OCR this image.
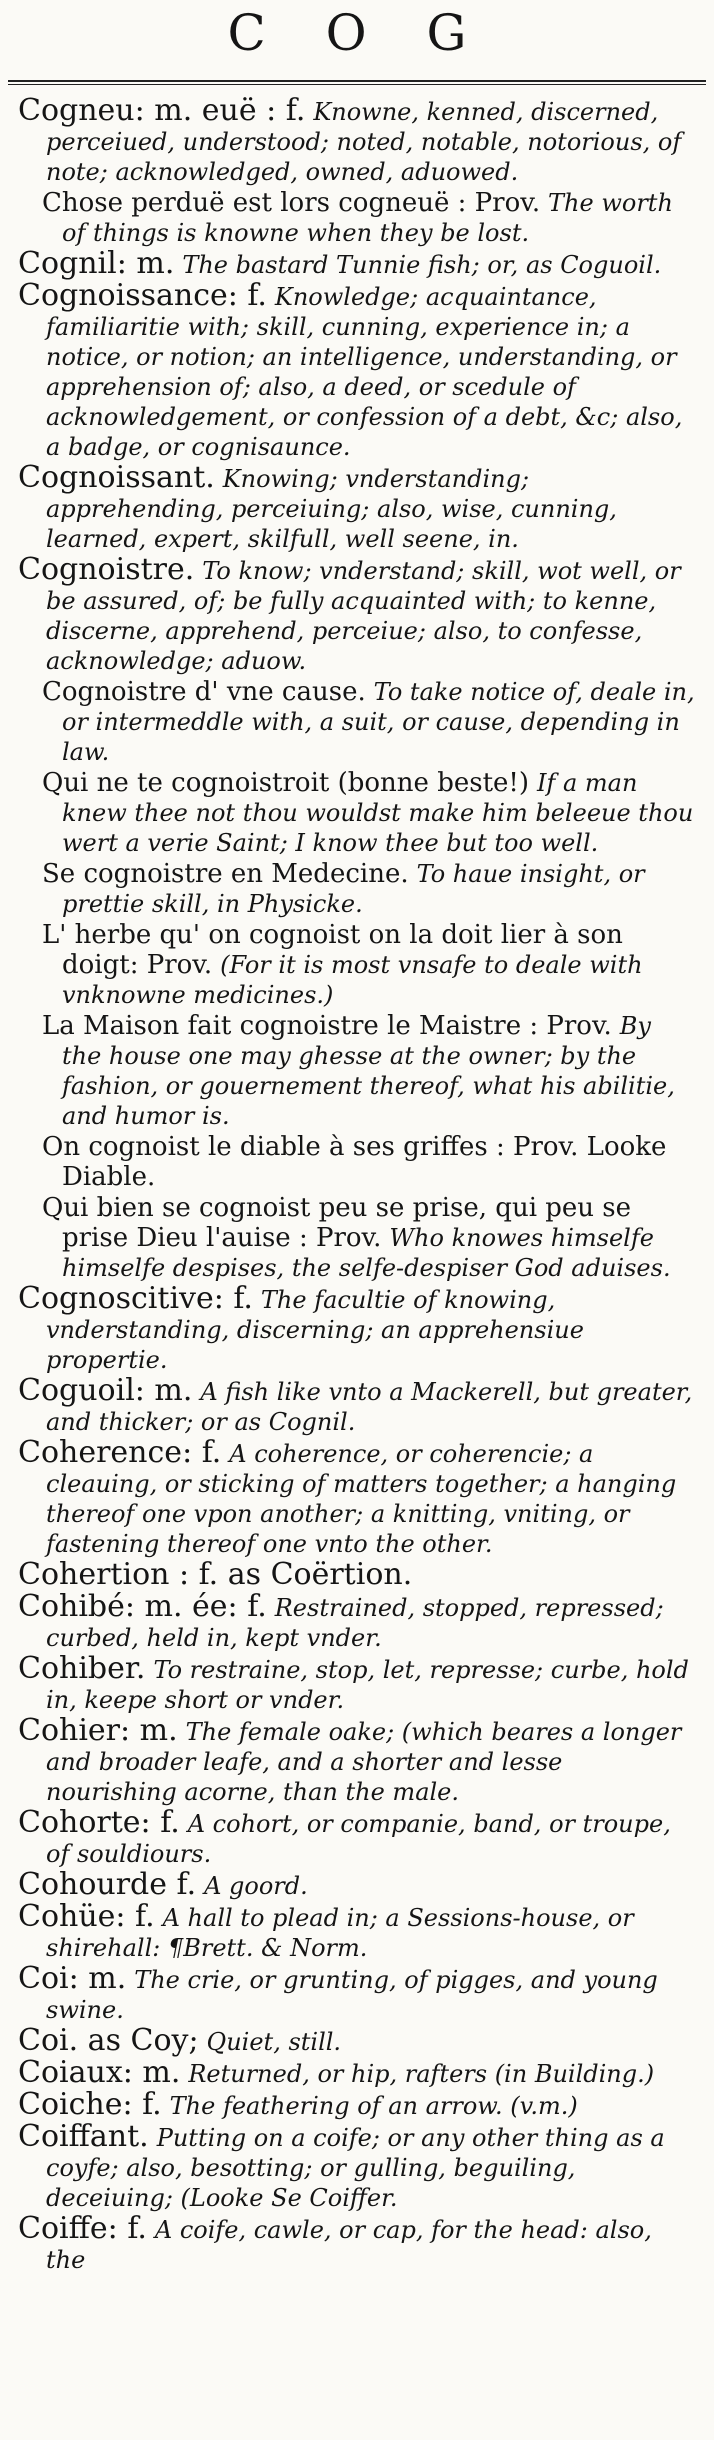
C O G

Cogneu: m. euë : f. Knowne, kenned, discerned, perceiued, understood; noted, notable, notorious, of note; acknowledged, owned, aduowed.

Chose perduë est lors cogneuë : Prov. The worth of things is knowne when they be lost.

Cognil: m. The bastard Tunnie fish; or, as Coguoil.

Cognoissance: f. Knowledge; acquaintance, familiaritie with; skill, cunning, experience in; a notice, or notion; an intelligence, understanding, or apprehension of; also, a deed, or scedule of acknowledgement, or confession of a debt, &c; also, a badge, or cognisaunce.

Cognoissant. Knowing; vnderstanding; apprehending, perceiuing; also, wise, cunning, learned, expert, skilfull, well seene, in.

Cognoistre. To know; vnderstand; skill, wot well, or be assured, of; be fully acquainted with; to kenne, discerne, apprehend, perceiue; also, to confesse, acknowledge; aduow.

Cognoistre d' vne cause. To take notice of, deale in, or intermeddle with, a suit, or cause, depending in law.

Qui ne te cognoistroit (bonne beste!) If a man knew thee not thou wouldst make him beleeue thou wert a verie Saint; I know thee but too well.

Se cognoistre en Medecine. To haue insight, or prettie skill, in Physicke.

L' herbe qu' on cognoist on la doit lier à son doigt: Prov. (For it is most vnsafe to deale with vnknowne medicines.)

La Maison fait cognoistre le Maistre : Prov. By the house one may ghesse at the owner; by the fashion, or gouernement thereof, what his abilitie, and humor is.

On cognoist le diable à ses griffes : Prov. Looke Diable.

Qui bien se cognoist peu se prise, qui peu se prise Dieu l'auise : Prov. Who knowes himselfe himselfe despises, the selfe-despiser God aduises.

Cognoscitive: f. The facultie of knowing, vnderstanding, discerning; an apprehensiue propertie.

Coguoil: m. A fish like vnto a Mackerell, but greater, and thicker; or as Cognil.

Coherence: f. A coherence, or coherencie; a cleauing, or sticking of matters together; a hanging thereof one vpon another; a knitting, vniting, or fastening thereof one vnto the other.

Cohertion : f. as Coërtion.

Cohibé: m. ée: f. Restrained, stopped, repressed; curbed, held in, kept vnder.

Cohiber. To restraine, stop, let, represse; curbe, hold in, keepe short or vnder.

Cohier: m. The female oake; (which beares a longer and broader leafe, and a shorter and lesse nourishing acorne, than the male.

Cohorte: f. A cohort, or companie, band, or troupe, of souldiours.

Cohourde f. A goord.

Cohüe: f. A hall to plead in; a Sessions-house, or shirehall: ¶Brett. & Norm.

Coi: m. The crie, or grunting, of pigges, and young swine.

Coi. as Coy; Quiet, still.

Coiaux: m. Returned, or hip, rafters (in Building.)

Coiche: f. The feathering of an arrow. (v.m.)

Coiffant. Putting on a coife; or any other thing as a coyfe; also, besotting; or gulling, beguiling, deceiuing; (Looke Se Coiffer.

Coiffe: f. A coife, cawle, or cap, for the head: also, the
